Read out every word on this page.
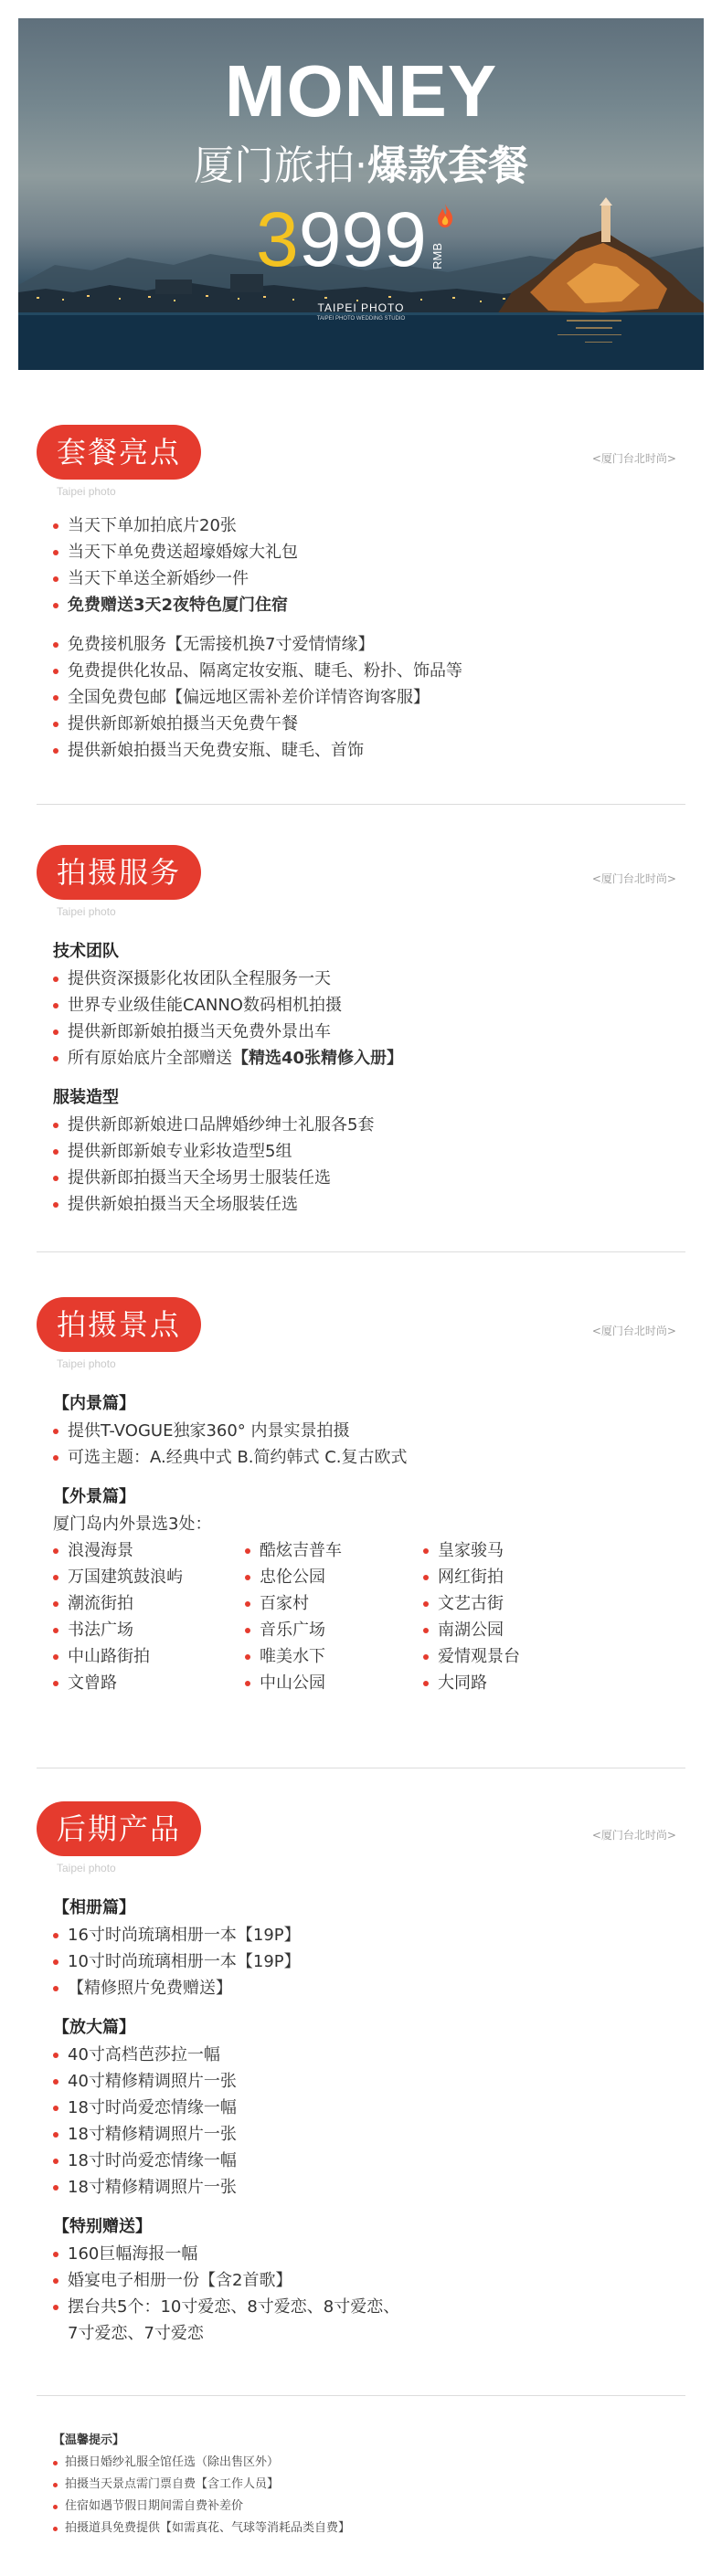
MONEY
厦门旅拍·爆款套餐
3 999 RMB
TAIPEI PHOTO
TAIPEI PHOTO WEDDING STUDIO
套餐亮点
Taipei photo
<厦门台北时尚>
当天下单加拍底片20张
当天下单免费送超壕婚嫁大礼包
当天下单送全新婚纱一件
免费赠送3天2夜特色厦门住宿
免费接机服务【无需接机换7寸爱情情缘】
免费提供化妆品、隔离定妆安瓶、睫毛、粉扑、饰品等
全国免费包邮【偏远地区需补差价详情咨询客服】
提供新郎新娘拍摄当天免费午餐
提供新娘拍摄当天免费安瓶、睫毛、首饰
拍摄服务
Taipei photo
<厦门台北时尚>
技术团队
提供资深摄影化妆团队全程服务一天
世界专业级佳能CANNO数码相机拍摄
提供新郎新娘拍摄当天免费外景出车
所有原始底片全部赠送 【精选40张精修入册】
服装造型
提供新郎新娘进口品牌婚纱绅士礼服各5套
提供新郎新娘专业彩妆造型5组
提供新郎拍摄当天全场男士服装任选
提供新娘拍摄当天全场服装任选
拍摄景点
Taipei photo
<厦门台北时尚>
【内景篇】
提供T-VOGUE独家360° 内景实景拍摄
可选主题：A.经典中式 B.简约韩式 C.复古欧式
【外景篇】
厦门岛内外景选3处：
浪漫海景	酷炫吉普车	皇家骏马
万国建筑鼓浪屿	忠伦公园	网红街拍
潮流街拍	百家村	文艺古街
书法广场	音乐广场	南湖公园
中山路街拍	唯美水下	爱情观景台
文曾路	中山公园	大同路
后期产品
Taipei photo
<厦门台北时尚>
【相册篇】
16寸时尚琉璃相册一本【19P】
10寸时尚琉璃相册一本【19P】
【精修照片免费赠送】
【放大篇】
40寸高档芭莎拉一幅
40寸精修精调照片一张
18寸时尚爱恋情缘一幅
18寸精修精调照片一张
18寸时尚爱恋情缘一幅
18寸精修精调照片一张
【特别赠送】
160巨幅海报一幅
婚宴电子相册一份【含2首歌】
摆台共5个：10寸爱恋、8寸爱恋、8寸爱恋、
7寸爱恋、7寸爱恋
【温馨提示】
拍摄日婚纱礼服全馆任选（除出售区外）
拍摄当天景点需门票自费【含工作人员】
住宿如遇节假日期间需自费补差价
拍摄道具免费提供【如需真花、气球等消耗品类自费】
